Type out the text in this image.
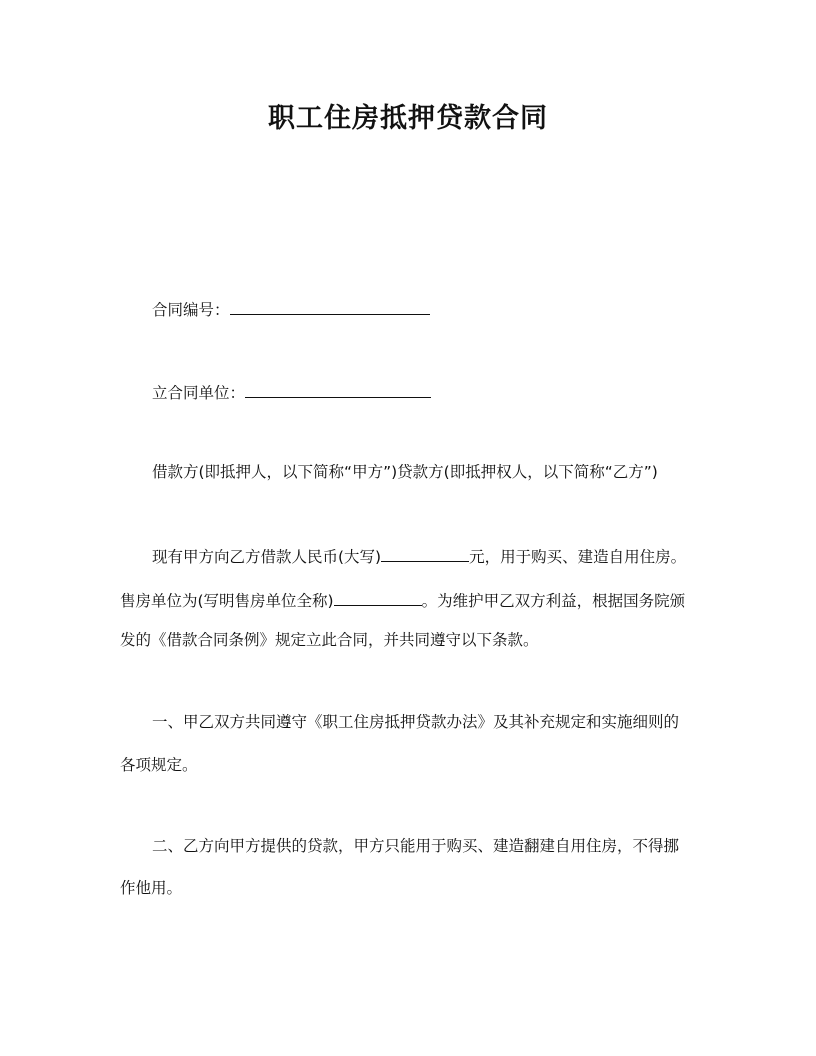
职工住房抵押贷款合同
合同编号：
立合同单位：
借款方(即抵押人，以下简称“甲方”)贷款方(即抵押权人，以下简称“乙方”)
现有甲方向乙方借款人民币(大写)	元，用于购买、建造自用住房。
售房单位为(写明售房单位全称)	。为维护甲乙双方利益，根据国务院颁
发的《借款合同条例》规定立此合同，并共同遵守以下条款。
一、甲乙双方共同遵守《职工住房抵押贷款办法》及其补充规定和实施细则的
各项规定。
二、乙方向甲方提供的贷款，甲方只能用于购买、建造翻建自用住房，不得挪
作他用。
